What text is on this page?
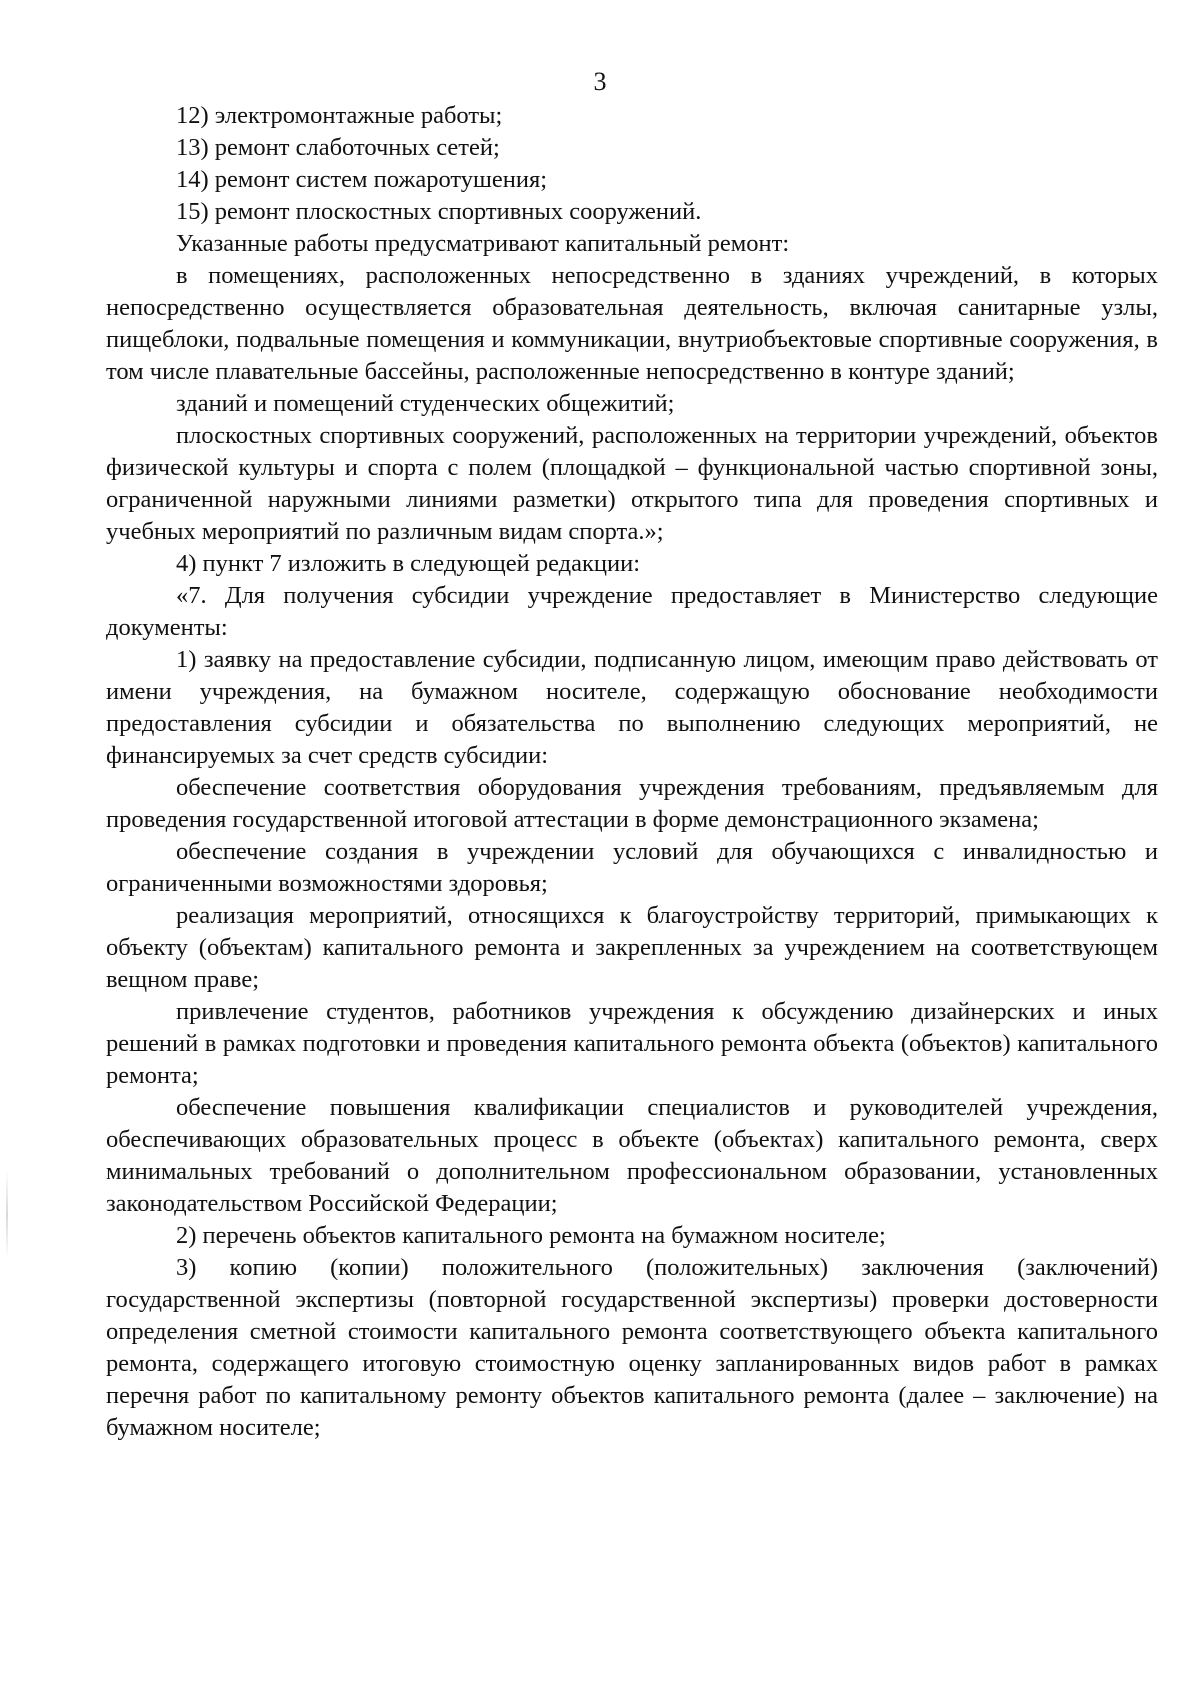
3

12) электромонтажные работы;

13) ремонт слаботочных сетей;

14) ремонт систем пожаротушения;

15) ремонт плоскостных спортивных сооружений.

Указанные работы предусматривают капитальный ремонт:

в помещениях, расположенных непосредственно в зданиях учреждений, в которых непосредственно осуществляется образовательная деятельность, включая санитарные узлы, пищеблоки, подвальные помещения и коммуникации, внутриобъектовые спортивные сооружения, в том числе плавательные бассейны, расположенные непосредственно в контуре зданий;

зданий и помещений студенческих общежитий;

плоскостных спортивных сооружений, расположенных на территории учреждений, объектов физической культуры и спорта с полем (площадкой – функциональной частью спортивной зоны, ограниченной наружными линиями разметки) открытого типа для проведения спортивных и учебных мероприятий по различным видам спорта.»;

4) пункт 7 изложить в следующей редакции:

«7. Для получения субсидии учреждение предоставляет в Министерство следующие документы:

1) заявку на предоставление субсидии, подписанную лицом, имеющим право действовать от имени учреждения, на бумажном носителе, содержащую обоснование необходимости предоставления субсидии и обязательства по выполнению следующих мероприятий, не финансируемых за счет средств субсидии:

обеспечение соответствия оборудования учреждения требованиям, предъявляемым для проведения государственной итоговой аттестации в форме демонстрационного экзамена;

обеспечение создания в учреждении условий для обучающихся с инвалидностью и ограниченными возможностями здоровья;

реализация мероприятий, относящихся к благоустройству территорий, примыкающих к объекту (объектам) капитального ремонта и закрепленных за учреждением на соответствующем вещном праве;

привлечение студентов, работников учреждения к обсуждению дизайнерских и иных решений в рамках подготовки и проведения капитального ремонта объекта (объектов) капитального ремонта;

обеспечение повышения квалификации специалистов и руководителей учреждения, обеспечивающих образовательных процесс в объекте (объектах) капитального ремонта, сверх минимальных требований о дополнительном профессиональном образовании, установленных законодательством Российской Федерации;

2) перечень объектов капитального ремонта на бумажном носителе;

3) копию (копии) положительного (положительных) заключения (заключений) государственной экспертизы (повторной государственной экспертизы) проверки достоверности определения сметной стоимости капитального ремонта соответствующего объекта капитального ремонта, содержащего итоговую стоимостную оценку запланированных видов работ в рамках перечня работ по капитальному ремонту объектов капитального ремонта (далее – заключение) на бумажном носителе;
